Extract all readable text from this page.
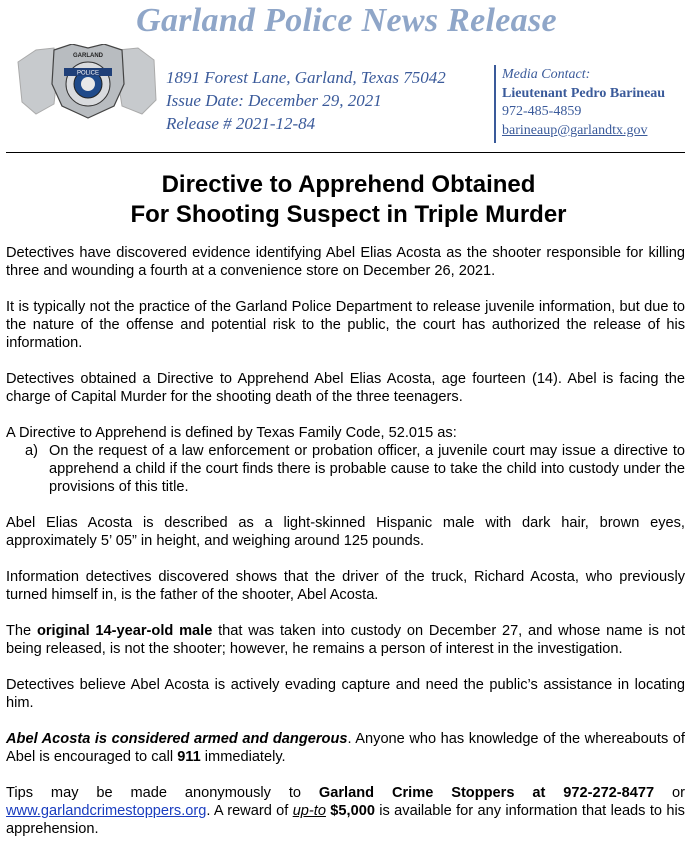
Garland Police News Release
POLICE
GARLAND
1891 Forest Lane, Garland, Texas 75042
Issue Date: December 29, 2021
Release # 2021-12-84
Media Contact:
Lieutenant Pedro Barineau
972-485-4859
barineaup@garlandtx.gov
Directive to Apprehend Obtained
For Shooting Suspect in Triple Murder

Detectives have discovered evidence identifying Abel Elias Acosta as the shooter responsible for killing three and wounding a fourth at a convenience store on December 26, 2021.

It is typically not the practice of the Garland Police Department to release juvenile information, but due to the nature of the offense and potential risk to the public, the court has authorized the release of his information.

Detectives obtained a Directive to Apprehend Abel Elias Acosta, age fourteen (14). Abel is facing the charge of Capital Murder for the shooting death of the three teenagers.

A Directive to Apprehend is defined by Texas Family Code, 52.015 as:
a) On the request of a law enforcement or probation officer, a juvenile court may issue a directive to apprehend a child if the court finds there is probable cause to take the child into custody under the provisions of this title.

Abel Elias Acosta is described as a light-skinned Hispanic male with dark hair, brown eyes, approximately 5’ 05” in height, and weighing around 125 pounds.

Information detectives discovered shows that the driver of the truck, Richard Acosta, who previously turned himself in, is the father of the shooter, Abel Acosta.

The original 14-year-old male that was taken into custody on December 27, and whose name is not being released, is not the shooter; however, he remains a person of interest in the investigation.

Detectives believe Abel Acosta is actively evading capture and need the public’s assistance in locating him.

Abel Acosta is considered armed and dangerous. Anyone who has knowledge of the whereabouts of Abel is encouraged to call 911 immediately.

Tips may be made anonymously to Garland Crime Stoppers at 972-272-8477 or www.garlandcrimestoppers.org. A reward of up-to $5,000 is available for any information that leads to his apprehension.
